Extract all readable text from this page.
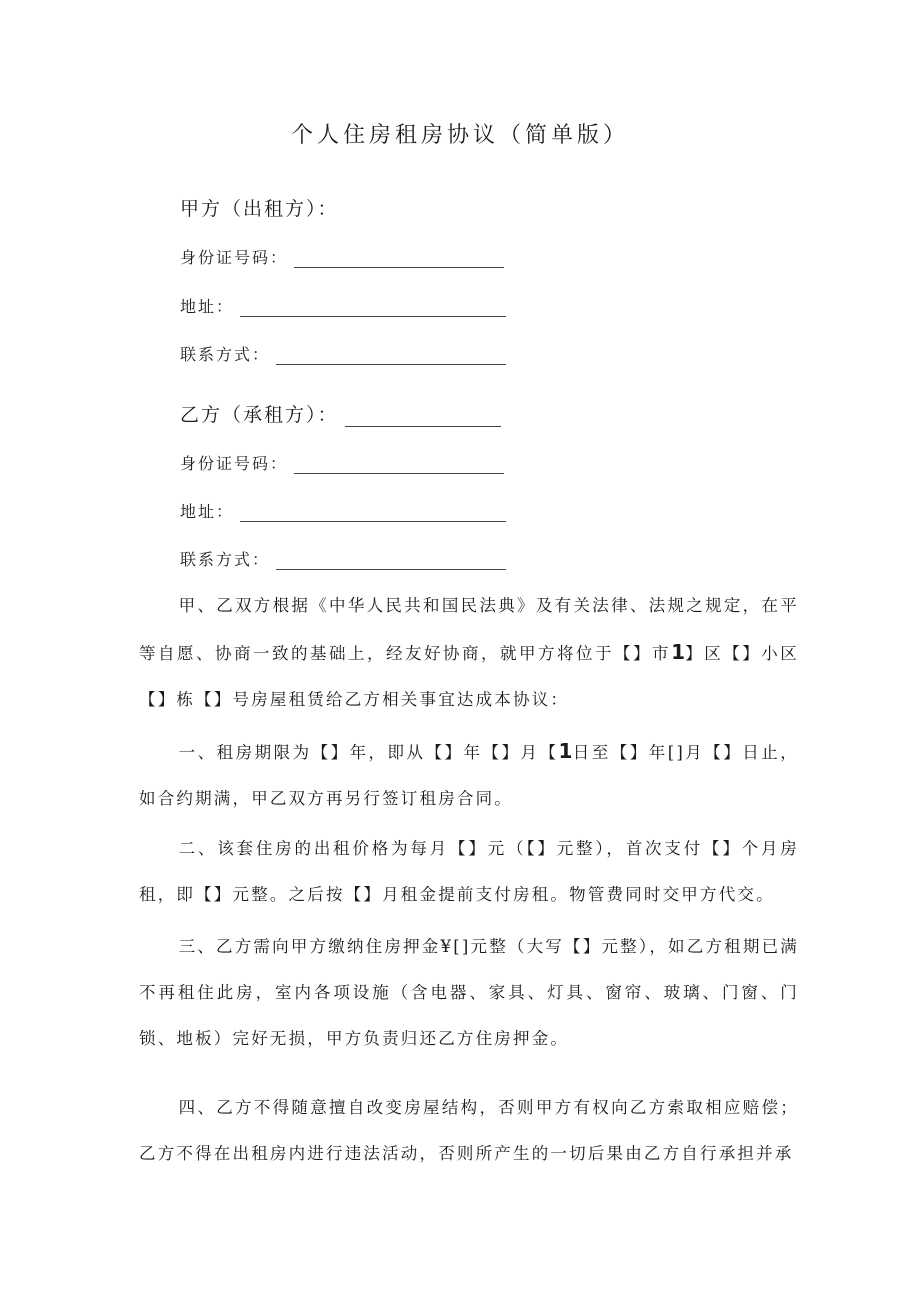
个人住房租房协议（简单版）
甲方（出租方）：
身份证号码：
地址：
联系方式：
乙方（承租方）：
身份证号码：
地址：
联系方式：
甲、乙双方根据《中华人民共和国民法典》及有关法律、法规之规定，在平等自愿、协商一致的基础上，经友好协商，就甲方将位于【】市1】区【】小区【】栋【】号房屋租赁给乙方相关事宜达成本协议：
一、租房期限为【】年，即从【】年【】月【1日至【】年[]月【】日止，如合约期满，甲乙双方再另行签订租房合同。
二、该套住房的出租价格为每月【】元（【】元整），首次支付【】个月房租，即【】元整。之后按【】月租金提前支付房租。物管费同时交甲方代交。
三、乙方需向甲方缴纳住房押金¥[]元整（大写【】元整），如乙方租期已满不再租住此房，室内各项设施（含电器、家具、灯具、窗帘、玻璃、门窗、门锁、地板）完好无损，甲方负责归还乙方住房押金。
四、乙方不得随意擅自改变房屋结构，否则甲方有权向乙方索取相应赔偿；乙方不得在出租房内进行违法活动，否则所产生的一切后果由乙方自行承担并承
